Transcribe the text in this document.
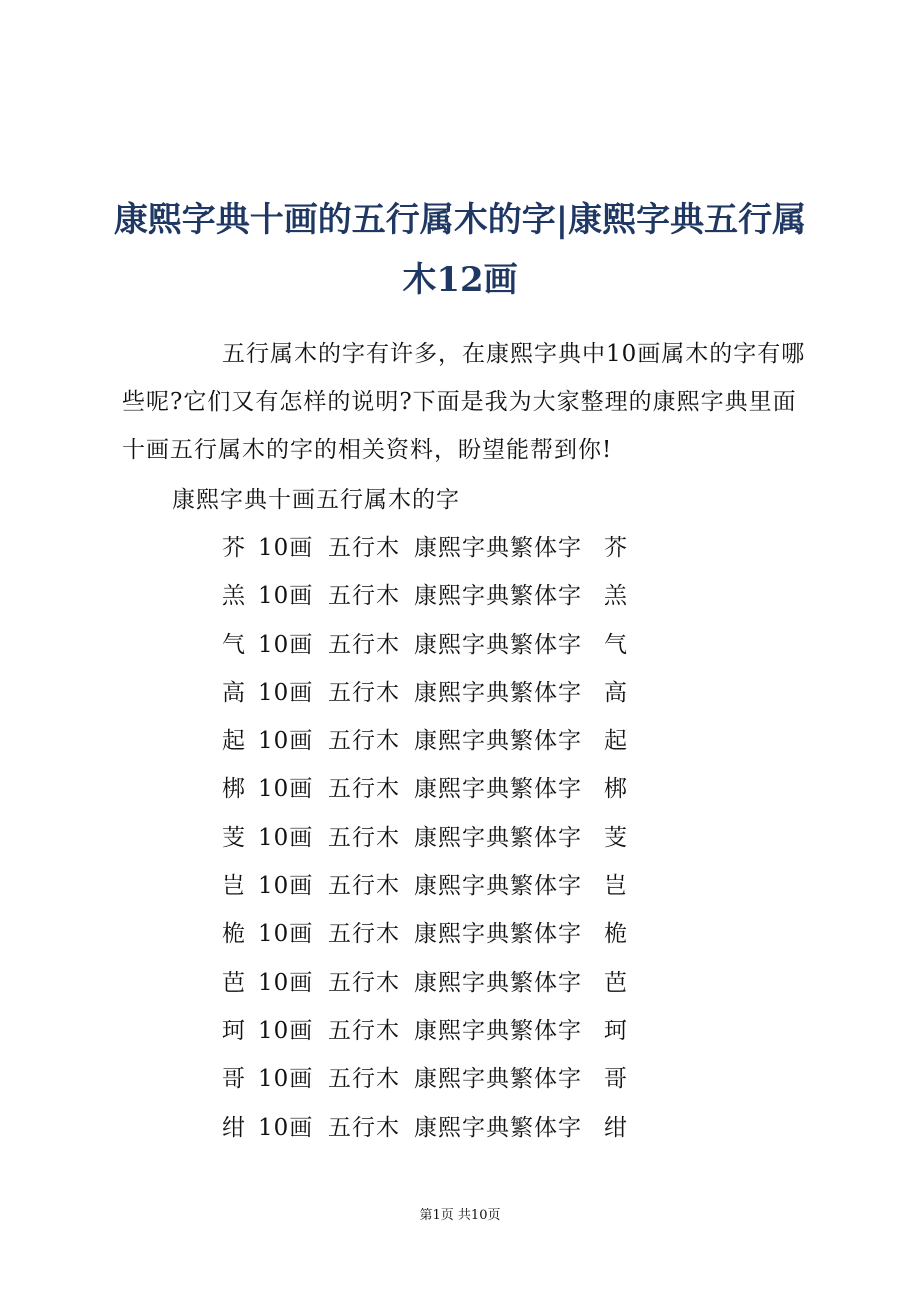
康熙字典十画的五行属木的字|康熙字典五行属木12画

五行属木的字有许多，在康熙字典中10画属木的字有哪些呢?它们又有怎样的说明?下面是我为大家整理的康熙字典里面十画五行属木的字的相关资料，盼望能帮到你!

康熙字典十画五行属木的字

芥 10画 五行木 康熙字典繁体字 芥
羔 10画 五行木 康熙字典繁体字 羔
气 10画 五行木 康熙字典繁体字 气
高 10画 五行木 康熙字典繁体字 高
起 10画 五行木 康熙字典繁体字 起
梆 10画 五行木 康熙字典繁体字 梆
芰 10画 五行木 康熙字典繁体字 芰
岂 10画 五行木 康熙字典繁体字 岂
桅 10画 五行木 康熙字典繁体字 桅
芭 10画 五行木 康熙字典繁体字 芭
珂 10画 五行木 康熙字典繁体字 珂
哥 10画 五行木 康熙字典繁体字 哥
绀 10画 五行木 康熙字典繁体字 绀
第1页 共10页
